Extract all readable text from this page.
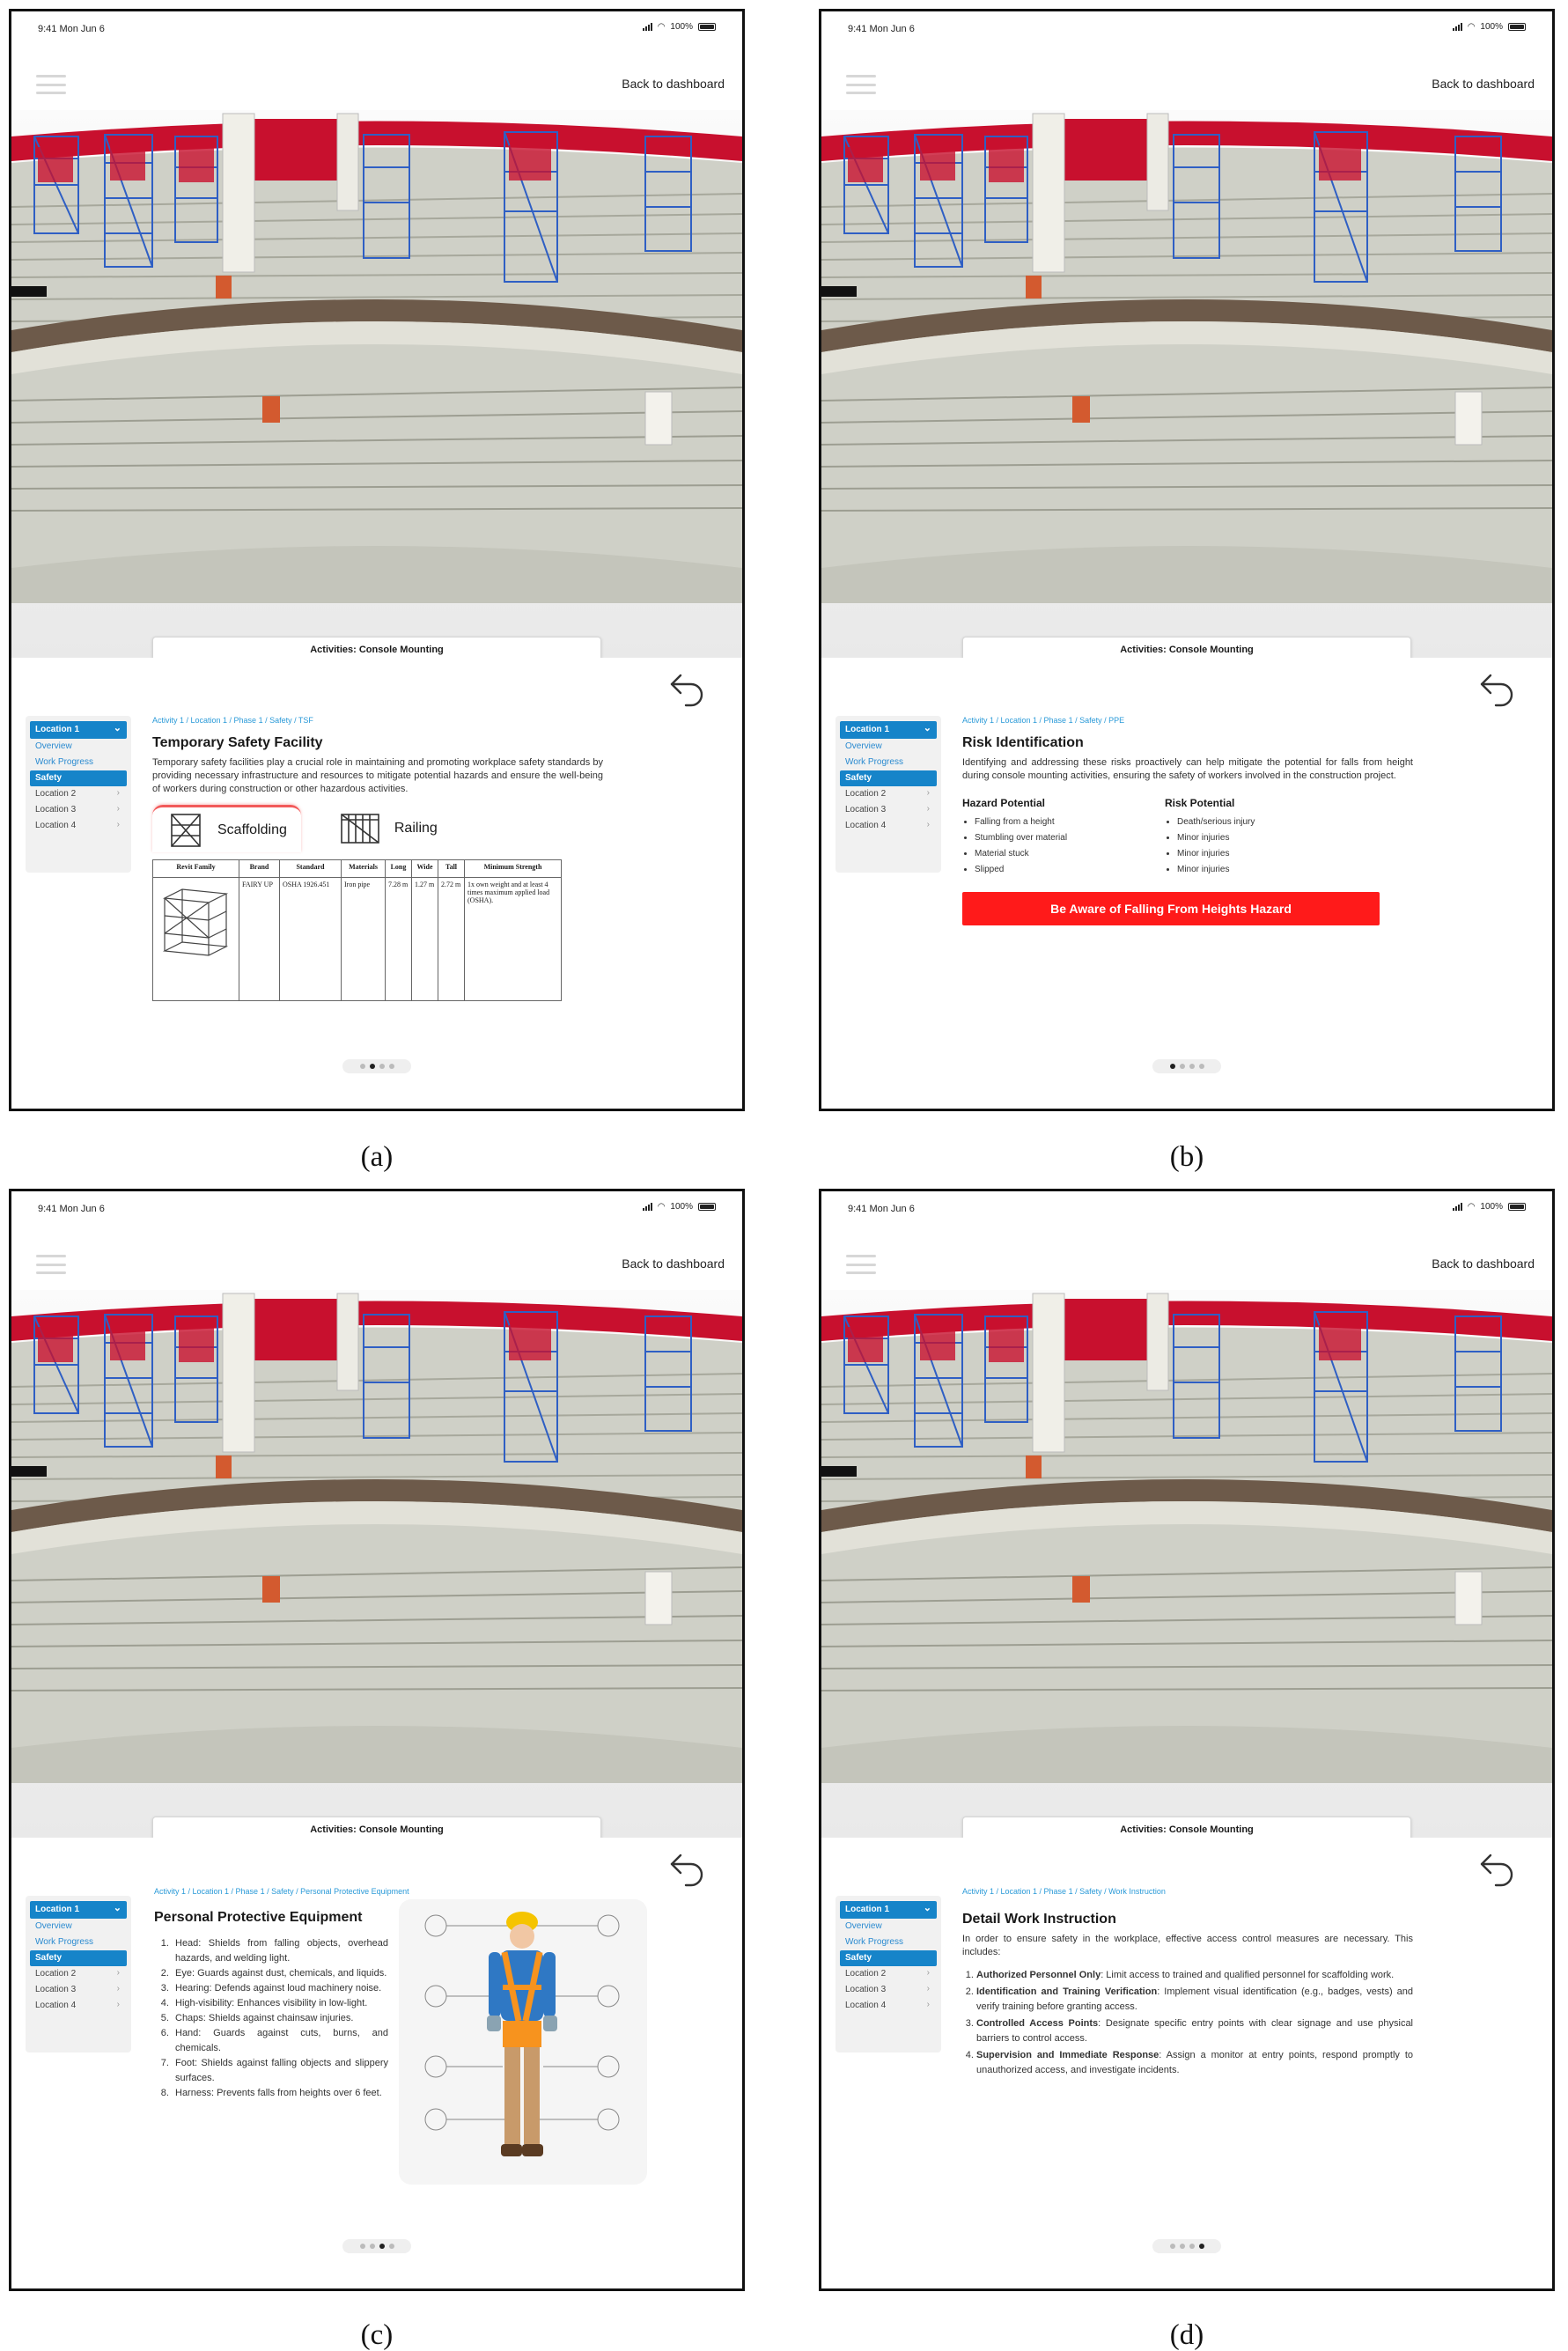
9:41 Mon Jun 6	◠ 100%
Back to dashboard
Activities: Console Mounting
Location 1 ⌄
Overview
Work Progress
Safety
Location 2 ›
Location 3 ›
Location 4 ›
Activity 1 / Location 1 / Phase 1 / Safety / TSF
Temporary Safety Facility
Temporary safety facilities play a crucial role in maintaining and promoting workplace safety standards by providing necessary infrastructure and resources to mitigate potential hazards and ensure the well-being of workers during construction or other hazardous activities.
Scaffolding	Railing
Revit Family	Brand	Standard	Materials	Long	Wide	Tall	Minimum Strength
	FAIRY UP	OSHA 1926.451	Iron pipe	7.28 m	1.27 m	2.72 m	1x own weight and at least 4 times maximum applied load (OSHA).
(a)
9:41 Mon Jun 6	◠ 100%
Back to dashboard
Activities: Console Mounting
Location 1 ⌄
Overview
Work Progress
Safety
Location 2 ›
Location 3 ›
Location 4 ›
Activity 1 / Location 1 / Phase 1 / Safety / PPE
Risk Identification
Identifying and addressing these risks proactively can help mitigate the potential for falls from height during console mounting activities, ensuring the safety of workers involved in the construction project.
Hazard Potential
• Falling from a height
• Stumbling over material
• Material stuck
• Slipped
Risk Potential
• Death/serious injury
• Minor injuries
• Minor injuries
• Minor injuries
Be Aware of Falling From Heights Hazard
(b)
9:41 Mon Jun 6	◠ 100%
Back to dashboard
Activities: Console Mounting
Location 1 ⌄
Overview
Work Progress
Safety
Location 2 ›
Location 3 ›
Location 4 ›
Activity 1 / Location 1 / Phase 1 / Safety / Personal Protective Equipment
Personal Protective Equipment
1. Head: Shields from falling objects, overhead hazards, and welding light.
2. Eye: Guards against dust, chemicals, and liquids.
3. Hearing: Defends against loud machinery noise.
4. High-visibility: Enhances visibility in low-light.
5. Chaps: Shields against chainsaw injuries.
6. Hand: Guards against cuts, burns, and chemicals.
7. Foot: Shields against falling objects and slippery surfaces.
8. Harness: Prevents falls from heights over 6 feet.
(c)
9:41 Mon Jun 6	◠ 100%
Back to dashboard
Activities: Console Mounting
Location 1 ⌄
Overview
Work Progress
Safety
Location 2 ›
Location 3 ›
Location 4 ›
Activity 1 / Location 1 / Phase 1 / Safety / Work Instruction
Detail Work Instruction
In order to ensure safety in the workplace, effective access control measures are necessary. This includes:
1. Authorized Personnel Only: Limit access to trained and qualified personnel for scaffolding work.
2. Identification and Training Verification: Implement visual identification (e.g., badges, vests) and verify training before granting access.
3. Controlled Access Points: Designate specific entry points with clear signage and use physical barriers to control access.
4. Supervision and Immediate Response: Assign a monitor at entry points, respond promptly to unauthorized access, and investigate incidents.
(d)
